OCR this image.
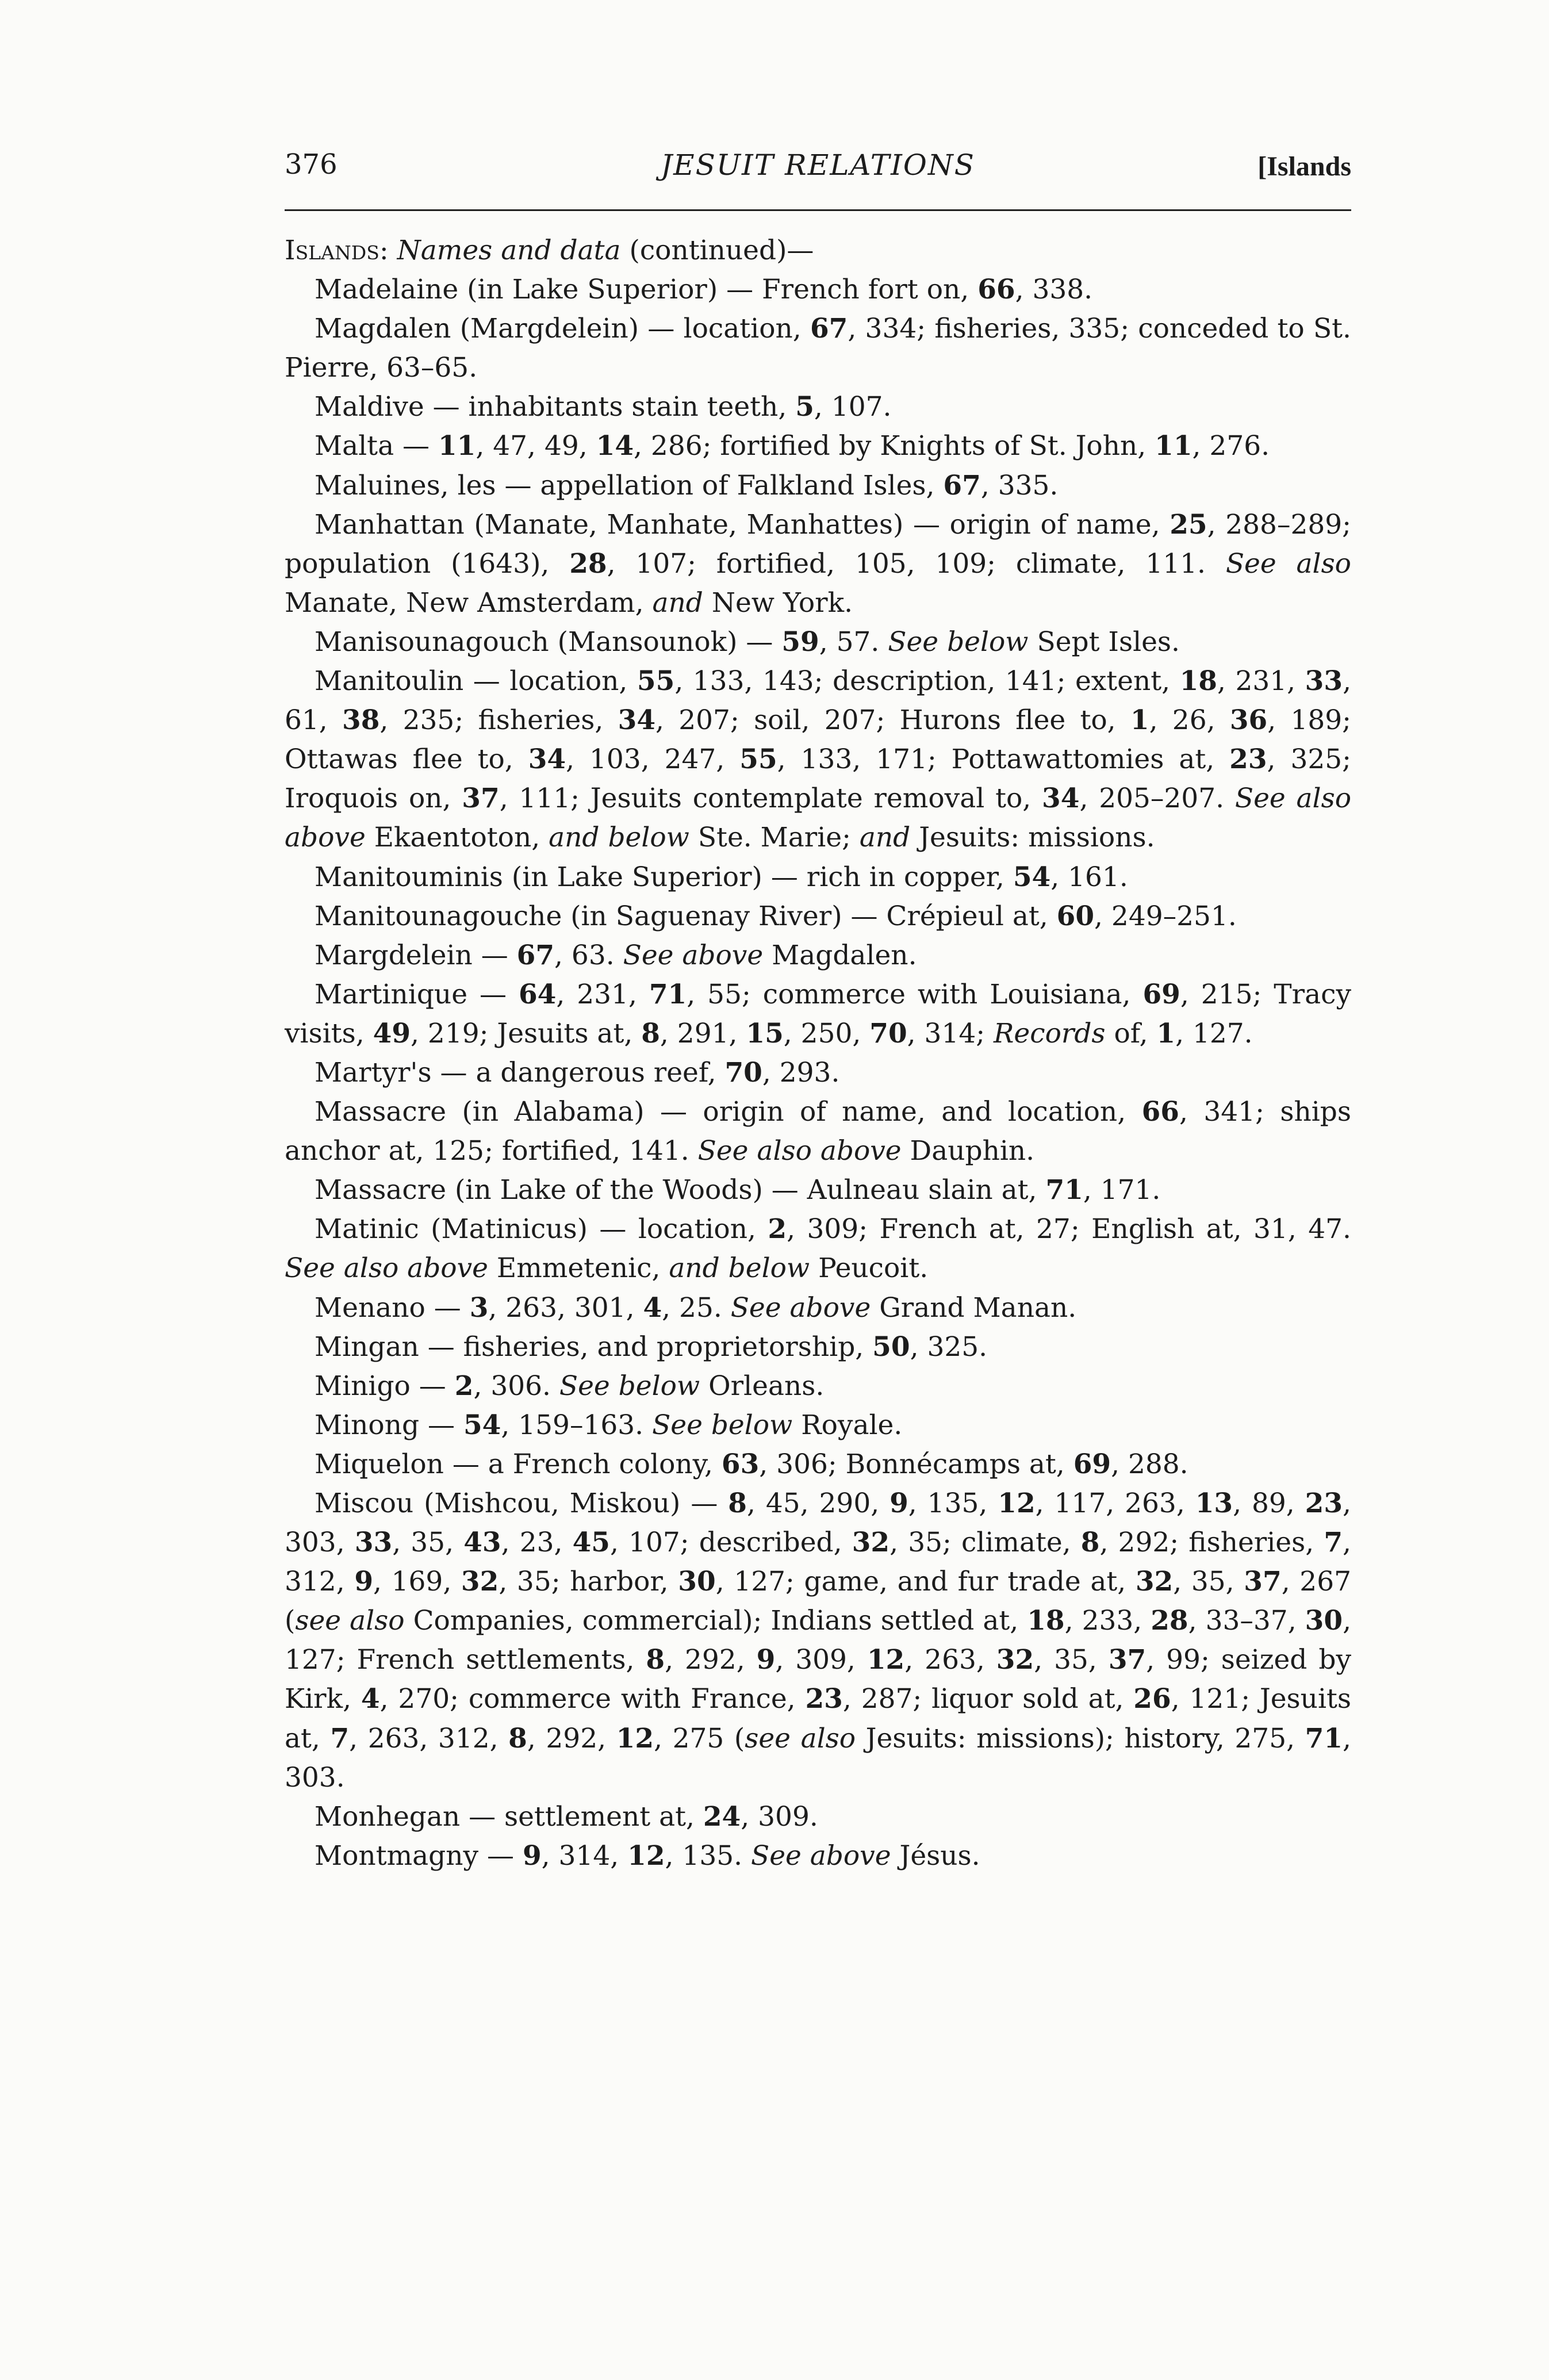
376	JESUIT RELATIONS	[Islands
Islands: Names and data (continued)—
Madelaine (in Lake Superior) — French fort on, 66, 338.
Magdalen (Margdelein) — location, 67, 334; fisheries, 335; conceded to St. Pierre, 63–65.
Maldive — inhabitants stain teeth, 5, 107.
Malta — 11, 47, 49, 14, 286; fortified by Knights of St. John, 11, 276.
Maluines, les — appellation of Falkland Isles, 67, 335.
Manhattan (Manate, Manhate, Manhattes) — origin of name, 25, 288–289; population (1643), 28, 107; fortified, 105, 109; climate, 111. See also Manate, New Amsterdam, and New York.
Manisounagouch (Mansounok) — 59, 57. See below Sept Isles.
Manitoulin — location, 55, 133, 143; description, 141; extent, 18, 231, 33, 61, 38, 235; fisheries, 34, 207; soil, 207; Hurons flee to, 1, 26, 36, 189; Ottawas flee to, 34, 103, 247, 55, 133, 171; Pottawattomies at, 23, 325; Iroquois on, 37, 111; Jesuits contemplate removal to, 34, 205–207. See also above Ekaentoton, and below Ste. Marie; and Jesuits: missions.
Manitouminis (in Lake Superior) — rich in copper, 54, 161.
Manitounagouche (in Saguenay River) — Crépieul at, 60, 249–251.
Margdelein — 67, 63. See above Magdalen.
Martinique — 64, 231, 71, 55; commerce with Louisiana, 69, 215; Tracy visits, 49, 219; Jesuits at, 8, 291, 15, 250, 70, 314; Records of, 1, 127.
Martyr's — a dangerous reef, 70, 293.
Massacre (in Alabama) — origin of name, and location, 66, 341; ships anchor at, 125; fortified, 141. See also above Dauphin.
Massacre (in Lake of the Woods) — Aulneau slain at, 71, 171.
Matinic (Matinicus) — location, 2, 309; French at, 27; English at, 31, 47. See also above Emmetenic, and below Peucoit.
Menano — 3, 263, 301, 4, 25. See above Grand Manan.
Mingan — fisheries, and proprietorship, 50, 325.
Minigo — 2, 306. See below Orleans.
Minong — 54, 159–163. See below Royale.
Miquelon — a French colony, 63, 306; Bonnécamps at, 69, 288.
Miscou (Mishcou, Miskou) — 8, 45, 290, 9, 135, 12, 117, 263, 13, 89, 23, 303, 33, 35, 43, 23, 45, 107; described, 32, 35; climate, 8, 292; fisheries, 7, 312, 9, 169, 32, 35; harbor, 30, 127; game, and fur trade at, 32, 35, 37, 267 (see also Companies, commercial); Indians settled at, 18, 233, 28, 33–37, 30, 127; French settlements, 8, 292, 9, 309, 12, 263, 32, 35, 37, 99; seized by Kirk, 4, 270; commerce with France, 23, 287; liquor sold at, 26, 121; Jesuits at, 7, 263, 312, 8, 292, 12, 275 (see also Jesuits: missions); history, 275, 71, 303.
Monhegan — settlement at, 24, 309.
Montmagny — 9, 314, 12, 135. See above Jésus.
